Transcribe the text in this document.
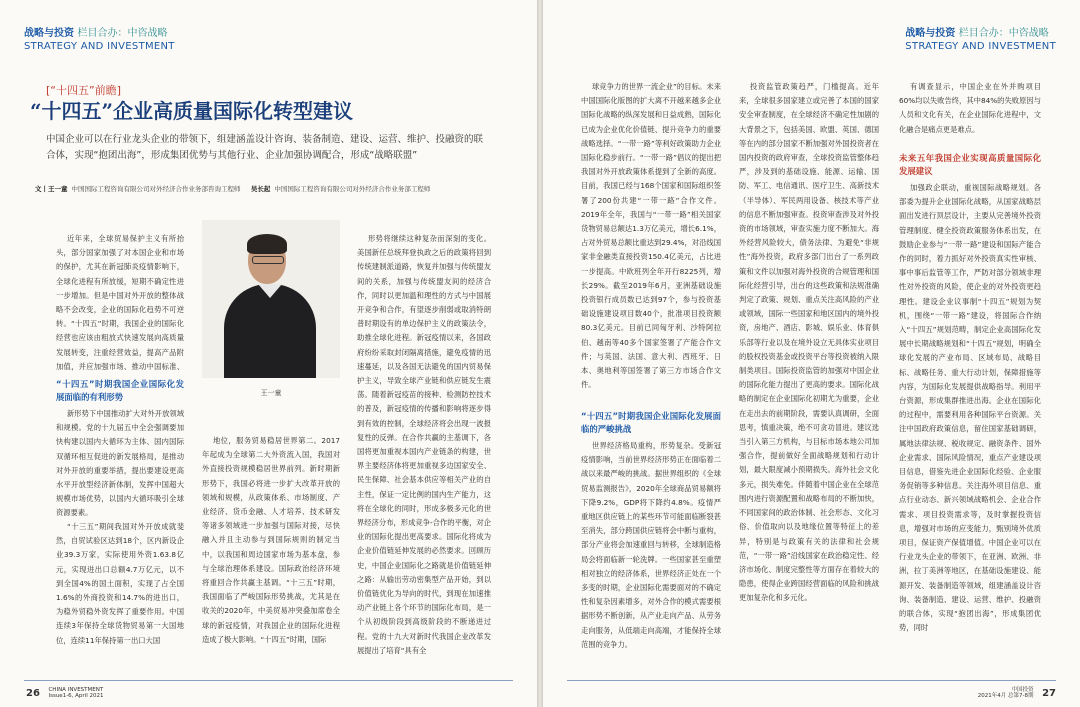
战略与投资 栏目合办：中咨战略
STRATEGY AND INVESTMENT
[“十四五”前瞻]
“十四五”企业高质量国际化转型建议
中国企业可以在行业龙头企业的带领下，组建涵盖设计咨询、装备制造、建设、运营、维护、投融资的联合体，实现“抱团出海”，形成集团优势与其他行业、企业加强协调配合，形成“战略联盟”
文丨王一童 中国国际工程咨询有限公司对外经济合作业务部咨询工程师 吴长起 中国国际工程咨询有限公司对外经济合作业务部工程师

近年来，全球贸易保护主义有所抬头，部分国家加强了对本国企业和市场的保护，尤其在新冠肺炎疫情影响下，全球化进程有所放缓，短期不确定性进一步增加。但是中国对外开放的整体战略不会改变，企业的国际化趋势不可逆转。“十四五”时期，我国企业的国际化经营也应该由粗放式快速发展向高质量发展转变，注重经营效益，提高产品附加值，并应加强市场、推动中国标准、

“十四五”时期我国企业国际化发展面临的有利形势

新形势下中国推动扩大对外开放领域和规模。党的十九届五中全会强调要加快构建以国内大循环为主体、国内国际双循环相互促进的新发展格局，是推动对外开放的重要举措，提出要建设更高水平开放型经济新体制，发挥中国超大规模市场优势，以国内大循环吸引全球资源要素。

王一童

地位，服务贸易稳居世界第二。2017年起成为全球第二大外资流入国，我国对外直接投资规模稳居世界前列。新时期新形势下，我国必将进一步扩大改革开放的领域和规模，从政策体系、市场制度、产业经济、货币金融、人才培养、技术研发等诸多领域进一步加强与国际对接，尽快融入并且主动参与到国际规则的制定当中，以我国和周边国家市场为基本盘，参与全球治理体系建设。国际政治经济环境将重回合作共赢主基调。“十三五”时期，我国面临了严峻国际形势挑战，尤其是在收关的2020年，中美贸易冲突叠加席卷全球的新冠疫情，对我国企业的国际化进程造成了极大影响。“十四五”时期，国际

形势将继续这种复杂而深刻的变化。美国新任总统拜登执政之后的政策将回到传统建制派道路，恢复并加强与传统盟友间的关系，加强与传统盟友间的经济合作，同时以更加温和理性的方式与中国展开竞争和合作，有望逐步削弱或取消特朗普时期设有的单边保护主义的政策法令，助推全球化进程。新冠疫情以来，各国政府纷纷采取封闭隔离措施，避免疫情的迅速蔓延，以及各国无法避免的国内贸易保护主义，导致全球产业链和供应链发生震荡。随着新冠疫苗的接种、检测防控技术的普及，新冠疫情的传播和影响将逐步得到有效的控制，全球经济将会出现一波报复性的反弹。在合作共赢的主基调下，各国将更加重视本国内产业链条的构建，世界主要经济体将更加重视多边国家安全、民生保障、社会基本供应等相关产业的自主性，保证一定比例的国内生产能力，这将在全球化的同时，形成多极多元化的世界经济分布，形成竞争-合作的平衡，对企业的国际化提出更高要求。国际化将成为企业价值链延伸发展的必然要求。回顾历史，中国企业国际化之路就是价值链延伸之路：从输出劳动密集型产品开始，到以价值链优化为导向的时代，到现在加速推动产业链上各个环节的国际化布局，是一个从初级阶段到高级阶段的不断递进过程。党的十九大对新时代我国企业改革发展提出了培育“具有全

“十三五”期间我国对外开放成就斐然，自贸试验区达到18个，区内新设企业39.3万家，实际使用外资1.63.8亿元，实现进出口总额4.7万亿元，以不到全国4%的国土面积，实现了占全国1.6%的外商投资和14.7%的进出口，为稳外贸稳外资发挥了重要作用。中国连续3年保持全球货物贸易第一大国地位，连续11年保持第一出口大国

26 CHINA INVESTMENT
Issue1-6, April 2021
战略与投资 栏目合办：中咨战略
STRATEGY AND INVESTMENT

球竞争力的世界一流企业”的目标。未来中国国际化版图的扩大离不开越来越多企业国际化战略的纵深发展和日益成熟，国际化已成为企业优化价值链、提升竞争力的重要战略选择。“一带一路”等利好政策助力企业国际化稳步前行。“一带一路”倡议的提出把我国对外开放政策体系提到了全新的高度。目前，我国已经与168个国家和国际组织签署了200份共建“一带一路”合作文件。2019年全年，我国与“一带一路”相关国家货物贸易总额达1.3万亿美元，增长6.1%，占对外贸易总额比重达到29.4%，对沿线国家非金融类直接投资150.4亿美元，占比进一步提高。中欧班列全年开行8225列，增长29%。截至2019年6月，亚洲基础设施投资银行成员数已达到97个，参与投资基础设施建设项目数40个，批准项目投资额80.3亿美元。目前已同匈牙利、沙特阿拉伯、越南等40多个国家签署了产能合作文件；与英国、法国、意大利、西班牙、日本、奥地利等国签署了第三方市场合作文件。

“十四五”时期我国企业国际化发展面临的严峻挑战

世界经济格局重构，形势复杂。受新冠疫情影响，当前世界经济形势正在面临着二战以来最严峻的挑战。据世界组织的《全球贸易监测报告》，2020年全球商品贸易额将下降9.2%，GDP将下降约4.8%。疫情严重地区供应链上的某些环节可能面临断裂甚至消失，部分跨国供应链将会中断与重构，部分产业将会加速重回与转移，全球制造格局会将面临新一轮洗牌。一些国家甚至重塑相对独立的经济体系，世界经济正处在一个多变的时期，企业国际化需要面对的不确定性和复杂因素增多，对外合作的模式需要根据形势不断创新，从产业走向产品、从劳务走向服务，从低端走向高端，才能保持全球范围的竞争力。

投资监管政策趋严，门槛提高。近年来，全球很多国家建立或完善了本国的国家安全审查制度，在全球经济不确定性加剧的大背景之下，包括美国、欧盟、英国、德国等在内的部分国家不断加强对外国投资者在国内投资的政府审查，全球投资监管整体趋严，涉及到的基础设施、能源、运输、国防、军工、电信通讯、医疗卫生、高新技术（半导体）、军民两用设备、核技术等产业的信息不断加强审查。投资审查涉及对外投资的市场领域，审查实施力度不断加大。海外经营风险较大，债务法律、为避免“非规性”海外投资，政府多部门出台了一系列政策和文件以加强对海外投资的合规管理和国际化经营引导，出台的这些政策和法规准确判定了政策、规划、重点关注高风险的产业或领域，国际一些国家和地区国内的境外投资，房地产、酒店、影城、娱乐业、体育俱乐部等行业以及在境外设立无具体实业项目的股权投资基金或投资平台等投资被纳入限制类项目。国际投资监管的加强对中国企业的国际化能力提出了更高的要求。国际化战略的制定在企业国际化初期尤为重要，企业在走出去的前期阶段，需要认真调研，全面思考，慎重决策，绝不可贪功冒进。建议选当引入第三方机构，与目标市场本地公司加强合作，提前做好全面战略规划和行动计划，最大限度减小预期损失。海外社会文化多元，损失难免。伴随着中国企业在全球范围内进行资源配置和战略布局的不断加快，不同国家间的政治体制、社会形态、文化习俗、价值取向以及地缘位置等特征上的差异，特别是与政策有关的法律和社会规范，“一带一路”沿线国家在政治稳定性、经济市场化、制度完整性等方面存在着较大的隐患，使得企业跨国经营面临的风险和挑战更加复杂化和多元化。

有调查显示，中国企业在外并购项目60%均以失败告终，其中84%的失败原因与人员和文化有关，在企业国际化进程中，文化融合是痛点更是难点。

未来五年我国企业实现高质量国际化发展建议

加强政企联动，重视国际战略规划。各部委为提升企业国际化战略，从国家战略层面出发进行顶层设计，主要从完善境外投资管理制度、健全投资政策服务体系出发，在鼓励企业参与“一带一路”建设和国际产能合作的同时，着力抓好对外投资真实性审核、事中事后监管等工作，严防对部分领域非理性对外投资的风险，使企业的对外投资更趋理性。建设企业议事制“十四五”规划为契机，围绕“一带一路”建设，将国际合作纳入“十四五”规划范畴，制定企业高国际化发展中长期战略规划和“十四五”规划，明确全球化发展的产业布局、区域布局、战略目标、战略任务、重大行动计划，保障措施等内容，为国际化发展提供战略指导。利用平台资源，形成集群推进出海。企业在国际化的过程中，需要利用各种国际平台资源。关注中国政府政策信息，留住国家基础调研，属地法律法规、税收规定、融资条件、国外企业需求、国际风险情况，重点产业建设项目信息，借鉴先进企业国际化经验、企业服务促销等多种信息。关注海外项目信息、重点行业动态、新兴领域战略机会、企业合作需求、项目投资需求等，及时掌握投资信息，增强对市场的应变能力，甄别境外优质项目，保证资产保值增值。中国企业可以在行业龙头企业的带领下，在亚洲、欧洲、非洲，拉丁美洲等地区，在基础设施建设、能源开发、装备制造等领域，组建涵盖设计咨询、装备制造、建设、运营、维护、投融资的联合体，实现“抱团出海”，形成集团优势，同时

中国投资
2021年4月 总第7-8期 27
